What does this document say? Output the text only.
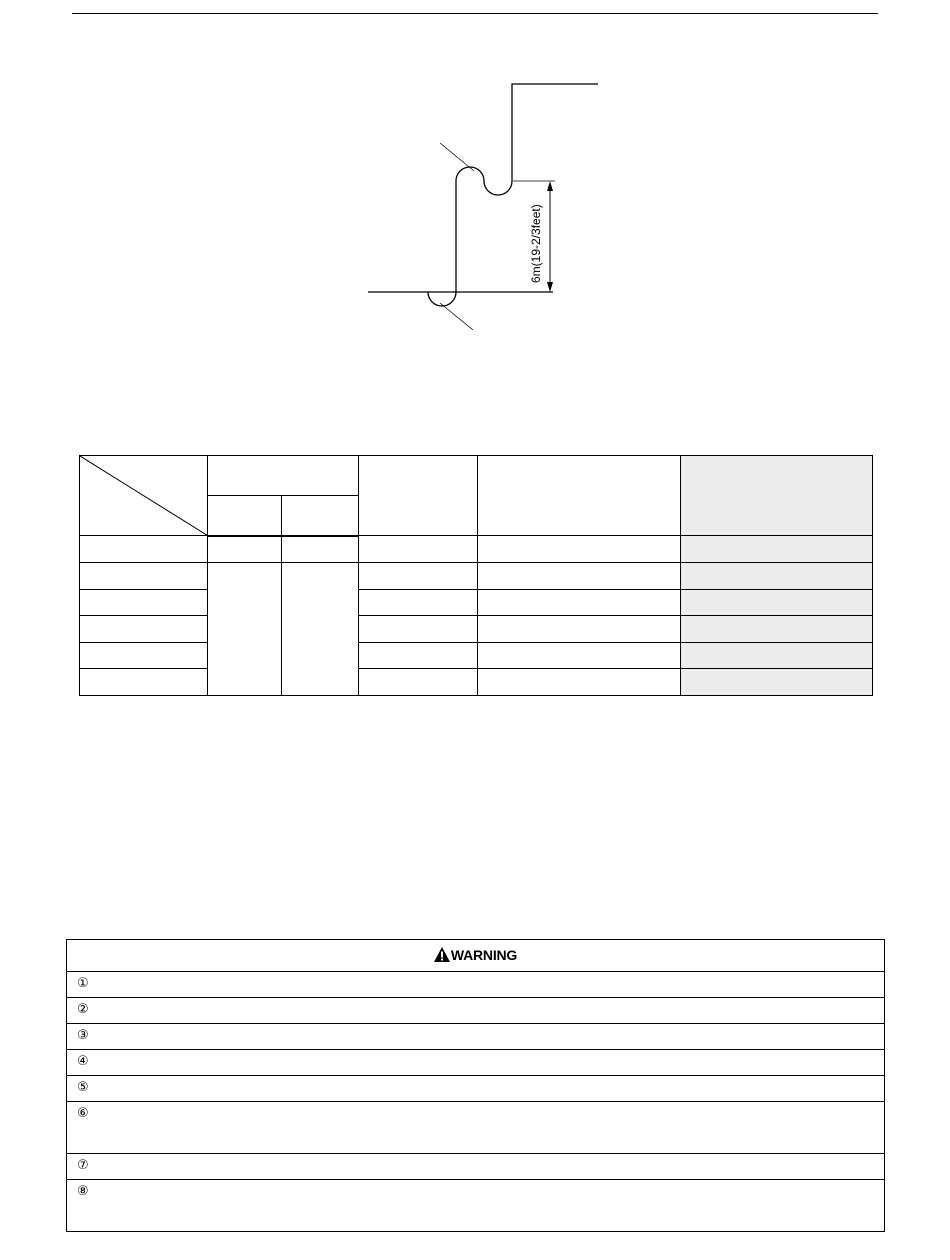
6m(19-2/3feet)

WARNING
①
②
③
④
⑤
⑥
⑦
⑧
